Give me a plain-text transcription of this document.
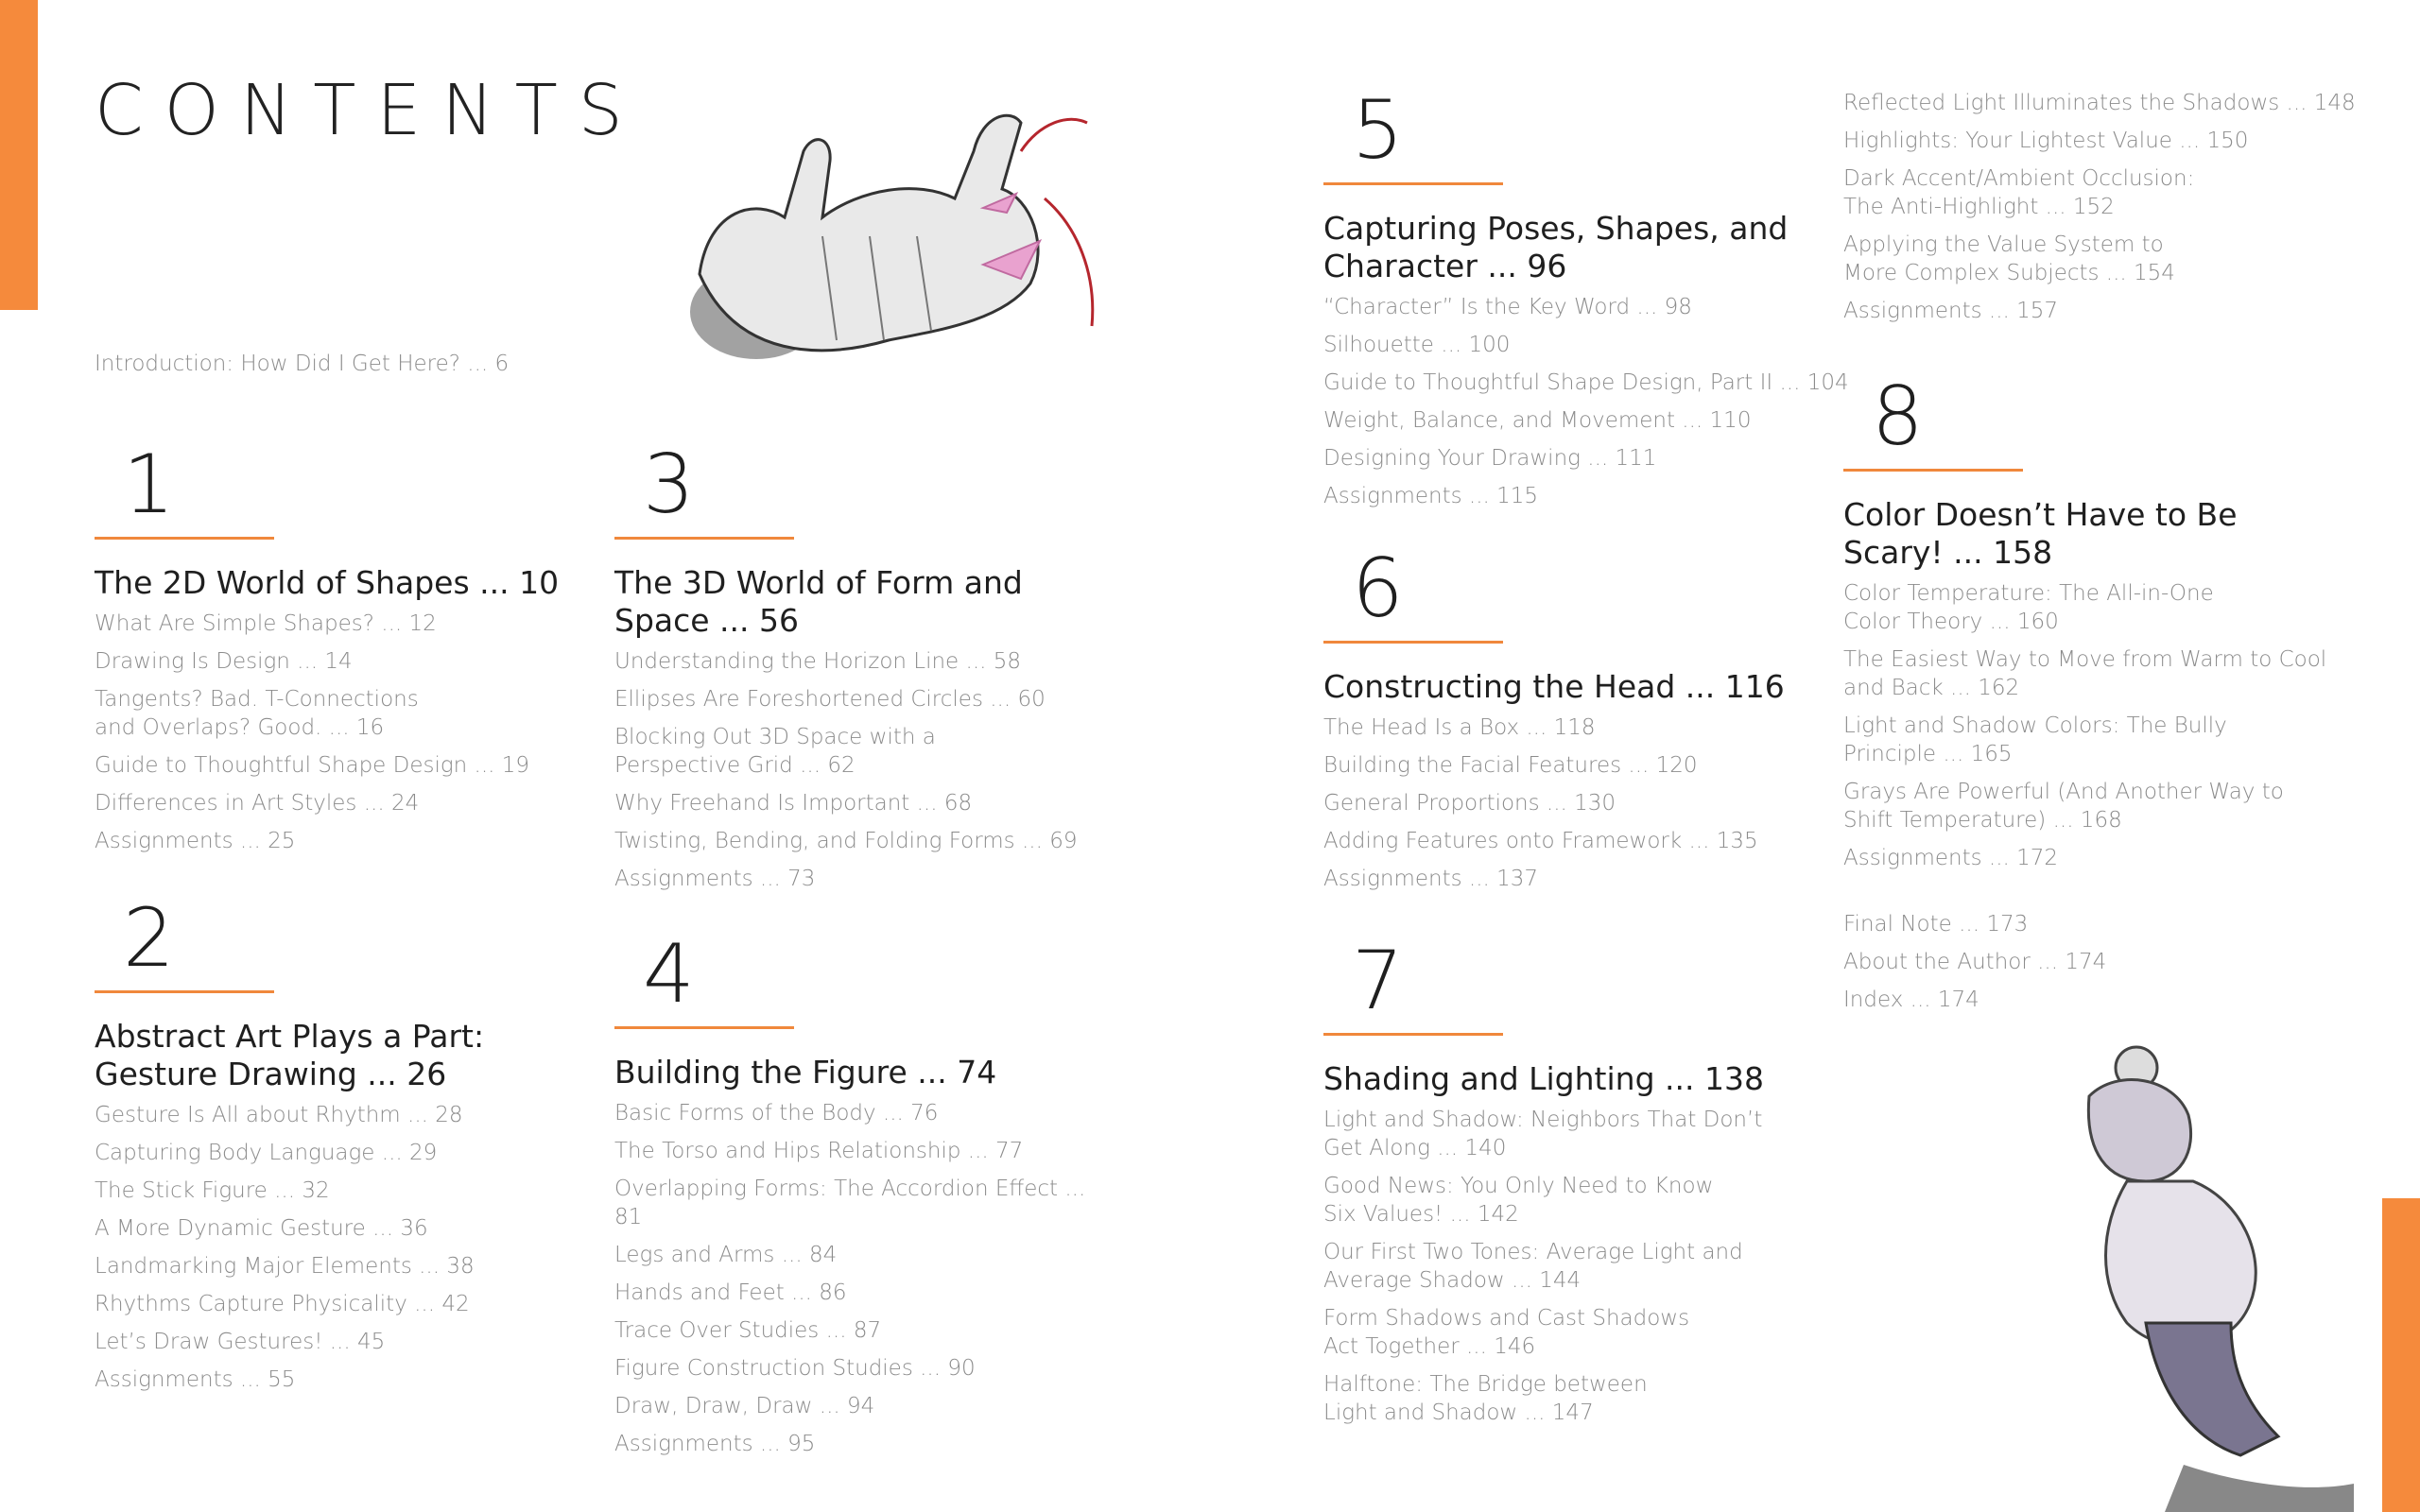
CONTENTS
Introduction: How Did I Get Here? ... 6
1
The 2D World of Shapes ... 10
What Are Simple Shapes? ... 12
Drawing Is Design ... 14
Tangents? Bad. T-Connections
and Overlaps? Good. ... 16
Guide to Thoughtful Shape Design ... 19
Differences in Art Styles ... 24
Assignments ... 25
2
Abstract Art Plays a Part:
Gesture Drawing ... 26
Gesture Is All about Rhythm ... 28
Capturing Body Language ... 29
The Stick Figure ... 32
A More Dynamic Gesture ... 36
Landmarking Major Elements ... 38
Rhythms Capture Physicality ... 42
Let’s Draw Gestures! ... 45
Assignments ... 55
3
The 3D World of Form and
Space ... 56
Understanding the Horizon Line ... 58
Ellipses Are Foreshortened Circles ... 60
Blocking Out 3D Space with a
Perspective Grid ... 62
Why Freehand Is Important ... 68
Twisting, Bending, and Folding Forms ... 69
Assignments ... 73
4
Building the Figure ... 74
Basic Forms of the Body ... 76
The Torso and Hips Relationship ... 77
Overlapping Forms: The Accordion Effect ... 81
Legs and Arms ... 84
Hands and Feet ... 86
Trace Over Studies ... 87
Figure Construction Studies ... 90
Draw, Draw, Draw ... 94
Assignments ... 95
5
Capturing Poses, Shapes, and
Character ... 96
“Character” Is the Key Word ... 98
Silhouette ... 100
Guide to Thoughtful Shape Design, Part II ... 104
Weight, Balance, and Movement ... 110
Designing Your Drawing ... 111
Assignments ... 115
6
Constructing the Head ... 116
The Head Is a Box ... 118
Building the Facial Features ... 120
General Proportions ... 130
Adding Features onto Framework ... 135
Assignments ... 137
7
Shading and Lighting ... 138
Light and Shadow: Neighbors That Don’t
Get Along ... 140
Good News: You Only Need to Know
Six Values! ... 142
Our First Two Tones: Average Light and
Average Shadow ... 144
Form Shadows and Cast Shadows
Act Together ... 146
Halftone: The Bridge between
Light and Shadow ... 147
Reflected Light Illuminates the Shadows ... 148
Highlights: Your Lightest Value ... 150
Dark Accent/Ambient Occlusion:
The Anti-Highlight ... 152
Applying the Value System to
More Complex Subjects ... 154
Assignments ... 157
8
Color Doesn’t Have to Be
Scary! ... 158
Color Temperature: The All-in-One
Color Theory ... 160
The Easiest Way to Move from Warm to Cool
and Back ... 162
Light and Shadow Colors: The Bully
Principle ... 165
Grays Are Powerful (And Another Way to
Shift Temperature) ... 168
Assignments ... 172
Final Note ... 173
About the Author ... 174
Index ... 174
